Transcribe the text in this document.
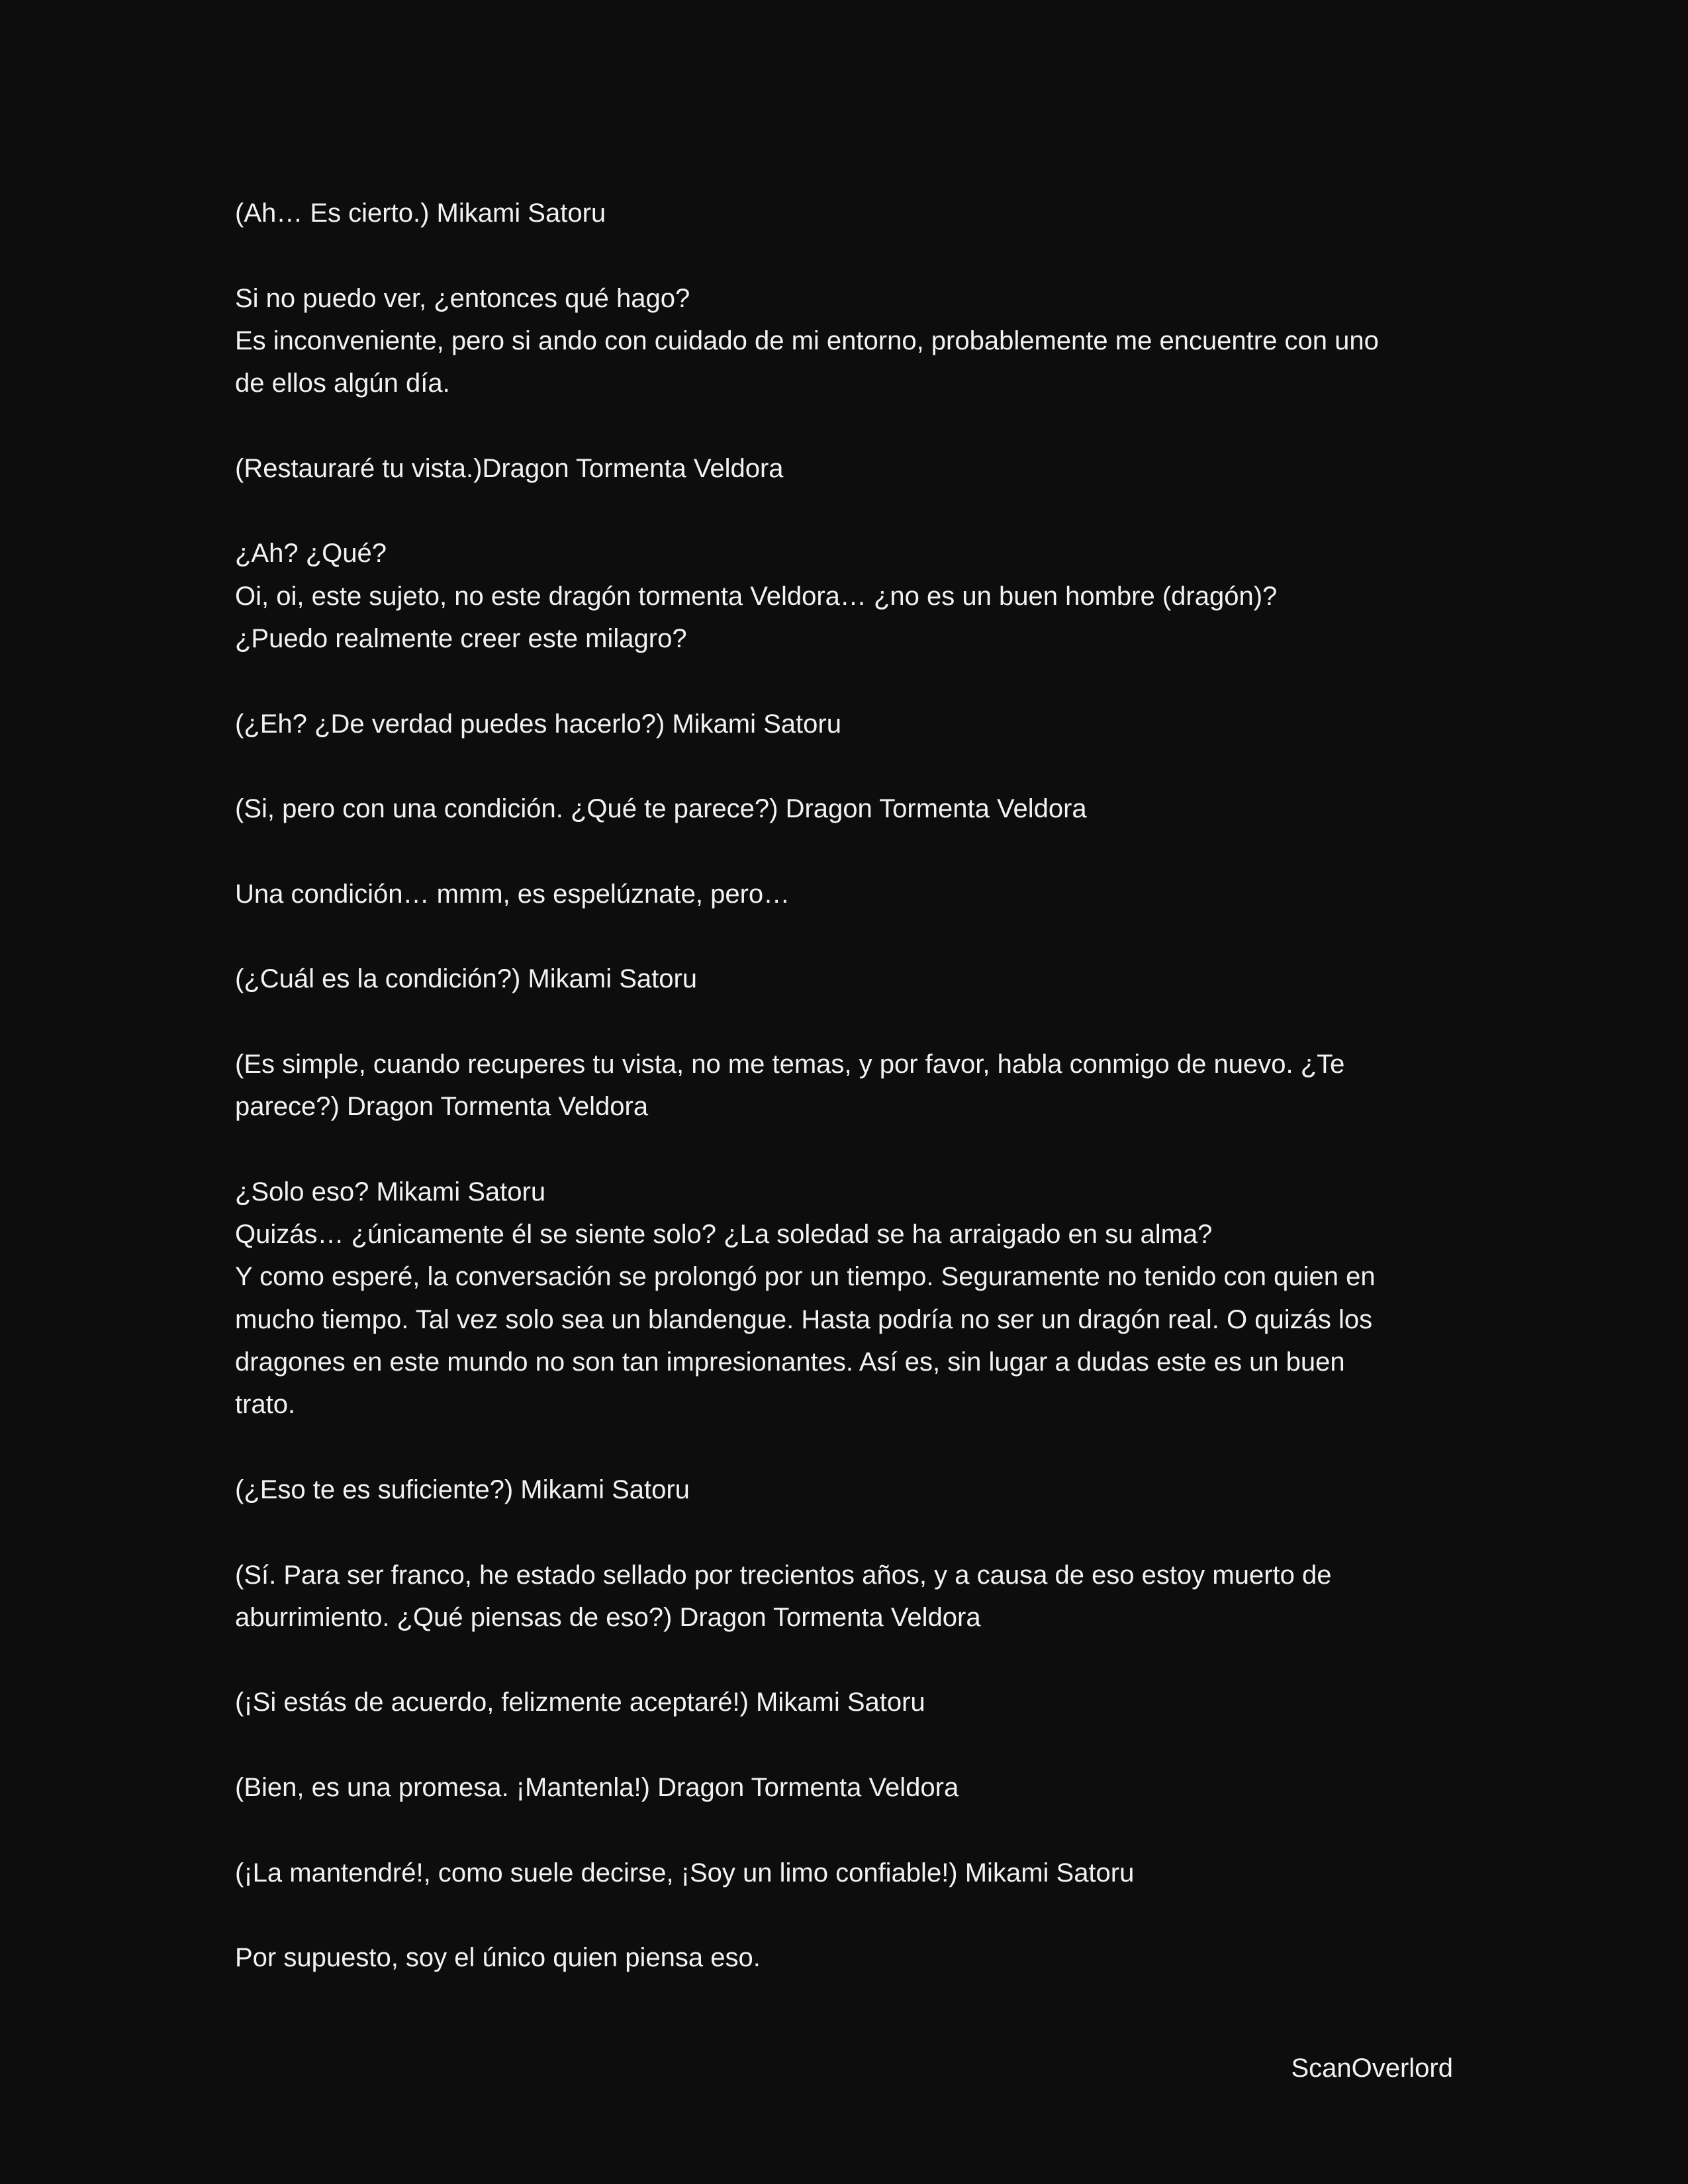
(Ah… Es cierto.) Mikami Satoru
Si no puedo ver, ¿entonces qué hago?
Es inconveniente, pero si ando con cuidado de mi entorno, probablemente me encuentre con uno
de ellos algún día.
(Restauraré tu vista.)Dragon Tormenta Veldora
¿Ah? ¿Qué?
Oi, oi, este sujeto, no este dragón tormenta Veldora… ¿no es un buen hombre (dragón)?
¿Puedo realmente creer este milagro?
(¿Eh? ¿De verdad puedes hacerlo?) Mikami Satoru
(Si, pero con una condición. ¿Qué te parece?) Dragon Tormenta Veldora
Una condición… mmm, es espelúznate, pero…
(¿Cuál es la condición?) Mikami Satoru
(Es simple, cuando recuperes tu vista, no me temas, y por favor, habla conmigo de nuevo. ¿Te
parece?) Dragon Tormenta Veldora
¿Solo eso? Mikami Satoru
Quizás… ¿únicamente él se siente solo? ¿La soledad se ha arraigado en su alma?
Y como esperé, la conversación se prolongó por un tiempo. Seguramente no tenido con quien en
mucho tiempo. Tal vez solo sea un blandengue. Hasta podría no ser un dragón real. O quizás los
dragones en este mundo no son tan impresionantes. Así es, sin lugar a dudas este es un buen
trato.
(¿Eso te es suficiente?) Mikami Satoru
(Sí. Para ser franco, he estado sellado por trecientos años, y a causa de eso estoy muerto de
aburrimiento. ¿Qué piensas de eso?) Dragon Tormenta Veldora
(¡Si estás de acuerdo, felizmente aceptaré!) Mikami Satoru
(Bien, es una promesa. ¡Mantenla!) Dragon Tormenta Veldora
(¡La mantendré!, como suele decirse, ¡Soy un limo confiable!) Mikami Satoru
Por supuesto, soy el único quien piensa eso.
ScanOverlord
